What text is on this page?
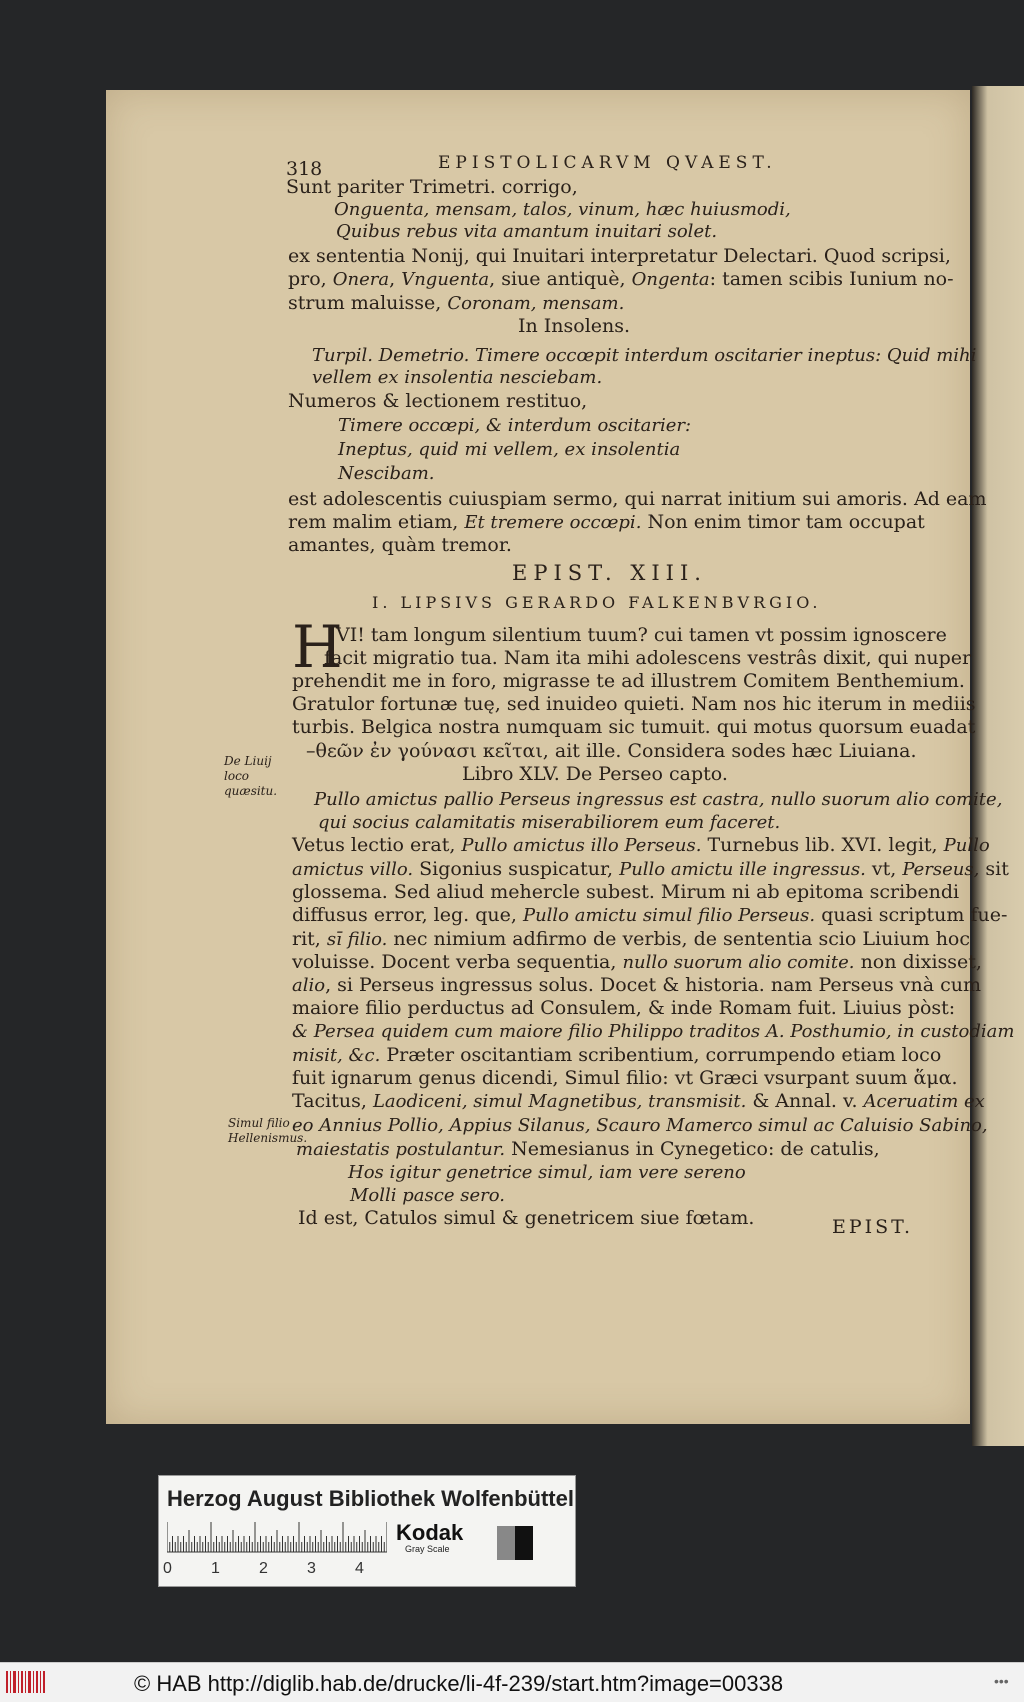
318	EPISTOLICARVM QVAEST.
Sunt pariter Trimetri. corrigo,
Onguenta, mensam, talos, vinum, hæc huiusmodi,
Quibus rebus vita amantum inuitari solet.
ex sententia Nonij, qui Inuitari interpretatur Delectari. Quod scripsi,
pro, Onera, Vnguenta, siue antiquè, Ongenta: tamen scibis Iunium no-
strum maluisse, Coronam, mensam.
In Insolens.
Turpil. Demetrio. Timere occœpit interdum oscitarier ineptus: Quid mihi
vellem ex insolentia nesciebam.
Numeros & lectionem restituo,
Timere occœpi, & interdum oscitarier:
Ineptus, quid mi vellem, ex insolentia
Nescibam.
est adolescentis cuiuspiam sermo, qui narrat initium sui amoris. Ad eam
rem malim etiam, Et tremere occœpi. Non enim timor tam occupat
amantes, quàm tremor.
EPIST. XIII.
I. LIPSIVS GERARDO FALKENBVRGIO.
H
VI! tam longum silentium tuum? cui tamen vt possim ignoscere
facit migratio tua. Nam ita mihi adolescens vestrâs dixit, qui nuper
prehendit me in foro, migrasse te ad illustrem Comitem Benthemium.
Gratulor fortunæ tuę, sed inuideo quieti. Nam nos hic iterum in mediis
turbis. Belgica nostra numquam sic tumuit. qui motus quorsum euadat
–θεῶν ἐν γούνασι κεῖται, ait ille. Considera sodes hæc Liuiana.
Libro XLV. De Perseo capto.
Pullo amictus pallio Perseus ingressus est castra, nullo suorum alio comite,
qui socius calamitatis miserabiliorem eum faceret.
Vetus lectio erat, Pullo amictus illo Perseus. Turnebus lib. XVI. legit, Pullo
amictus villo. Sigonius suspicatur, Pullo amictu ille ingressus. vt, Perseus, sit
glossema. Sed aliud mehercle subest. Mirum ni ab epitoma scribendi
diffusus error, leg. que, Pullo amictu simul filio Perseus. quasi scriptum fue-
rit, sī filio. nec nimium adfirmo de verbis, de sententia scio Liuium hoc
voluisse. Docent verba sequentia, nullo suorum alio comite. non dixisset,
alio, si Perseus ingressus solus. Docet & historia. nam Perseus vnà cum
maiore filio perductus ad Consulem, & inde Romam fuit. Liuius pòst:
& Persea quidem cum maiore filio Philippo traditos A. Posthumio, in custodiam
misit, &c. Præter oscitantiam scribentium, corrumpendo etiam loco
fuit ignarum genus dicendi, Simul filio: vt Græci vsurpant suum ἅμα.
Tacitus, Laodiceni, simul Magnetibus, transmisit. & Annal. v. Aceruatim ex
eo Annius Pollio, Appius Silanus, Scauro Mamerco simul ac Caluisio Sabino,
maiestatis postulantur. Nemesianus in Cynegetico: de catulis,
Hos igitur genetrice simul, iam vere sereno
Molli pasce sero.
Id est, Catulos simul & genetricem siue fœtam.
De Liuij loco quæsitu.
Simul filio Hellenismus.
EPIST.
Herzog August Bibliothek Wolfenbüttel
0 1 2 3 4
Kodak
Gray Scale
© HAB http://diglib.hab.de/drucke/li-4f-239/start.htm?image=00338	•••
